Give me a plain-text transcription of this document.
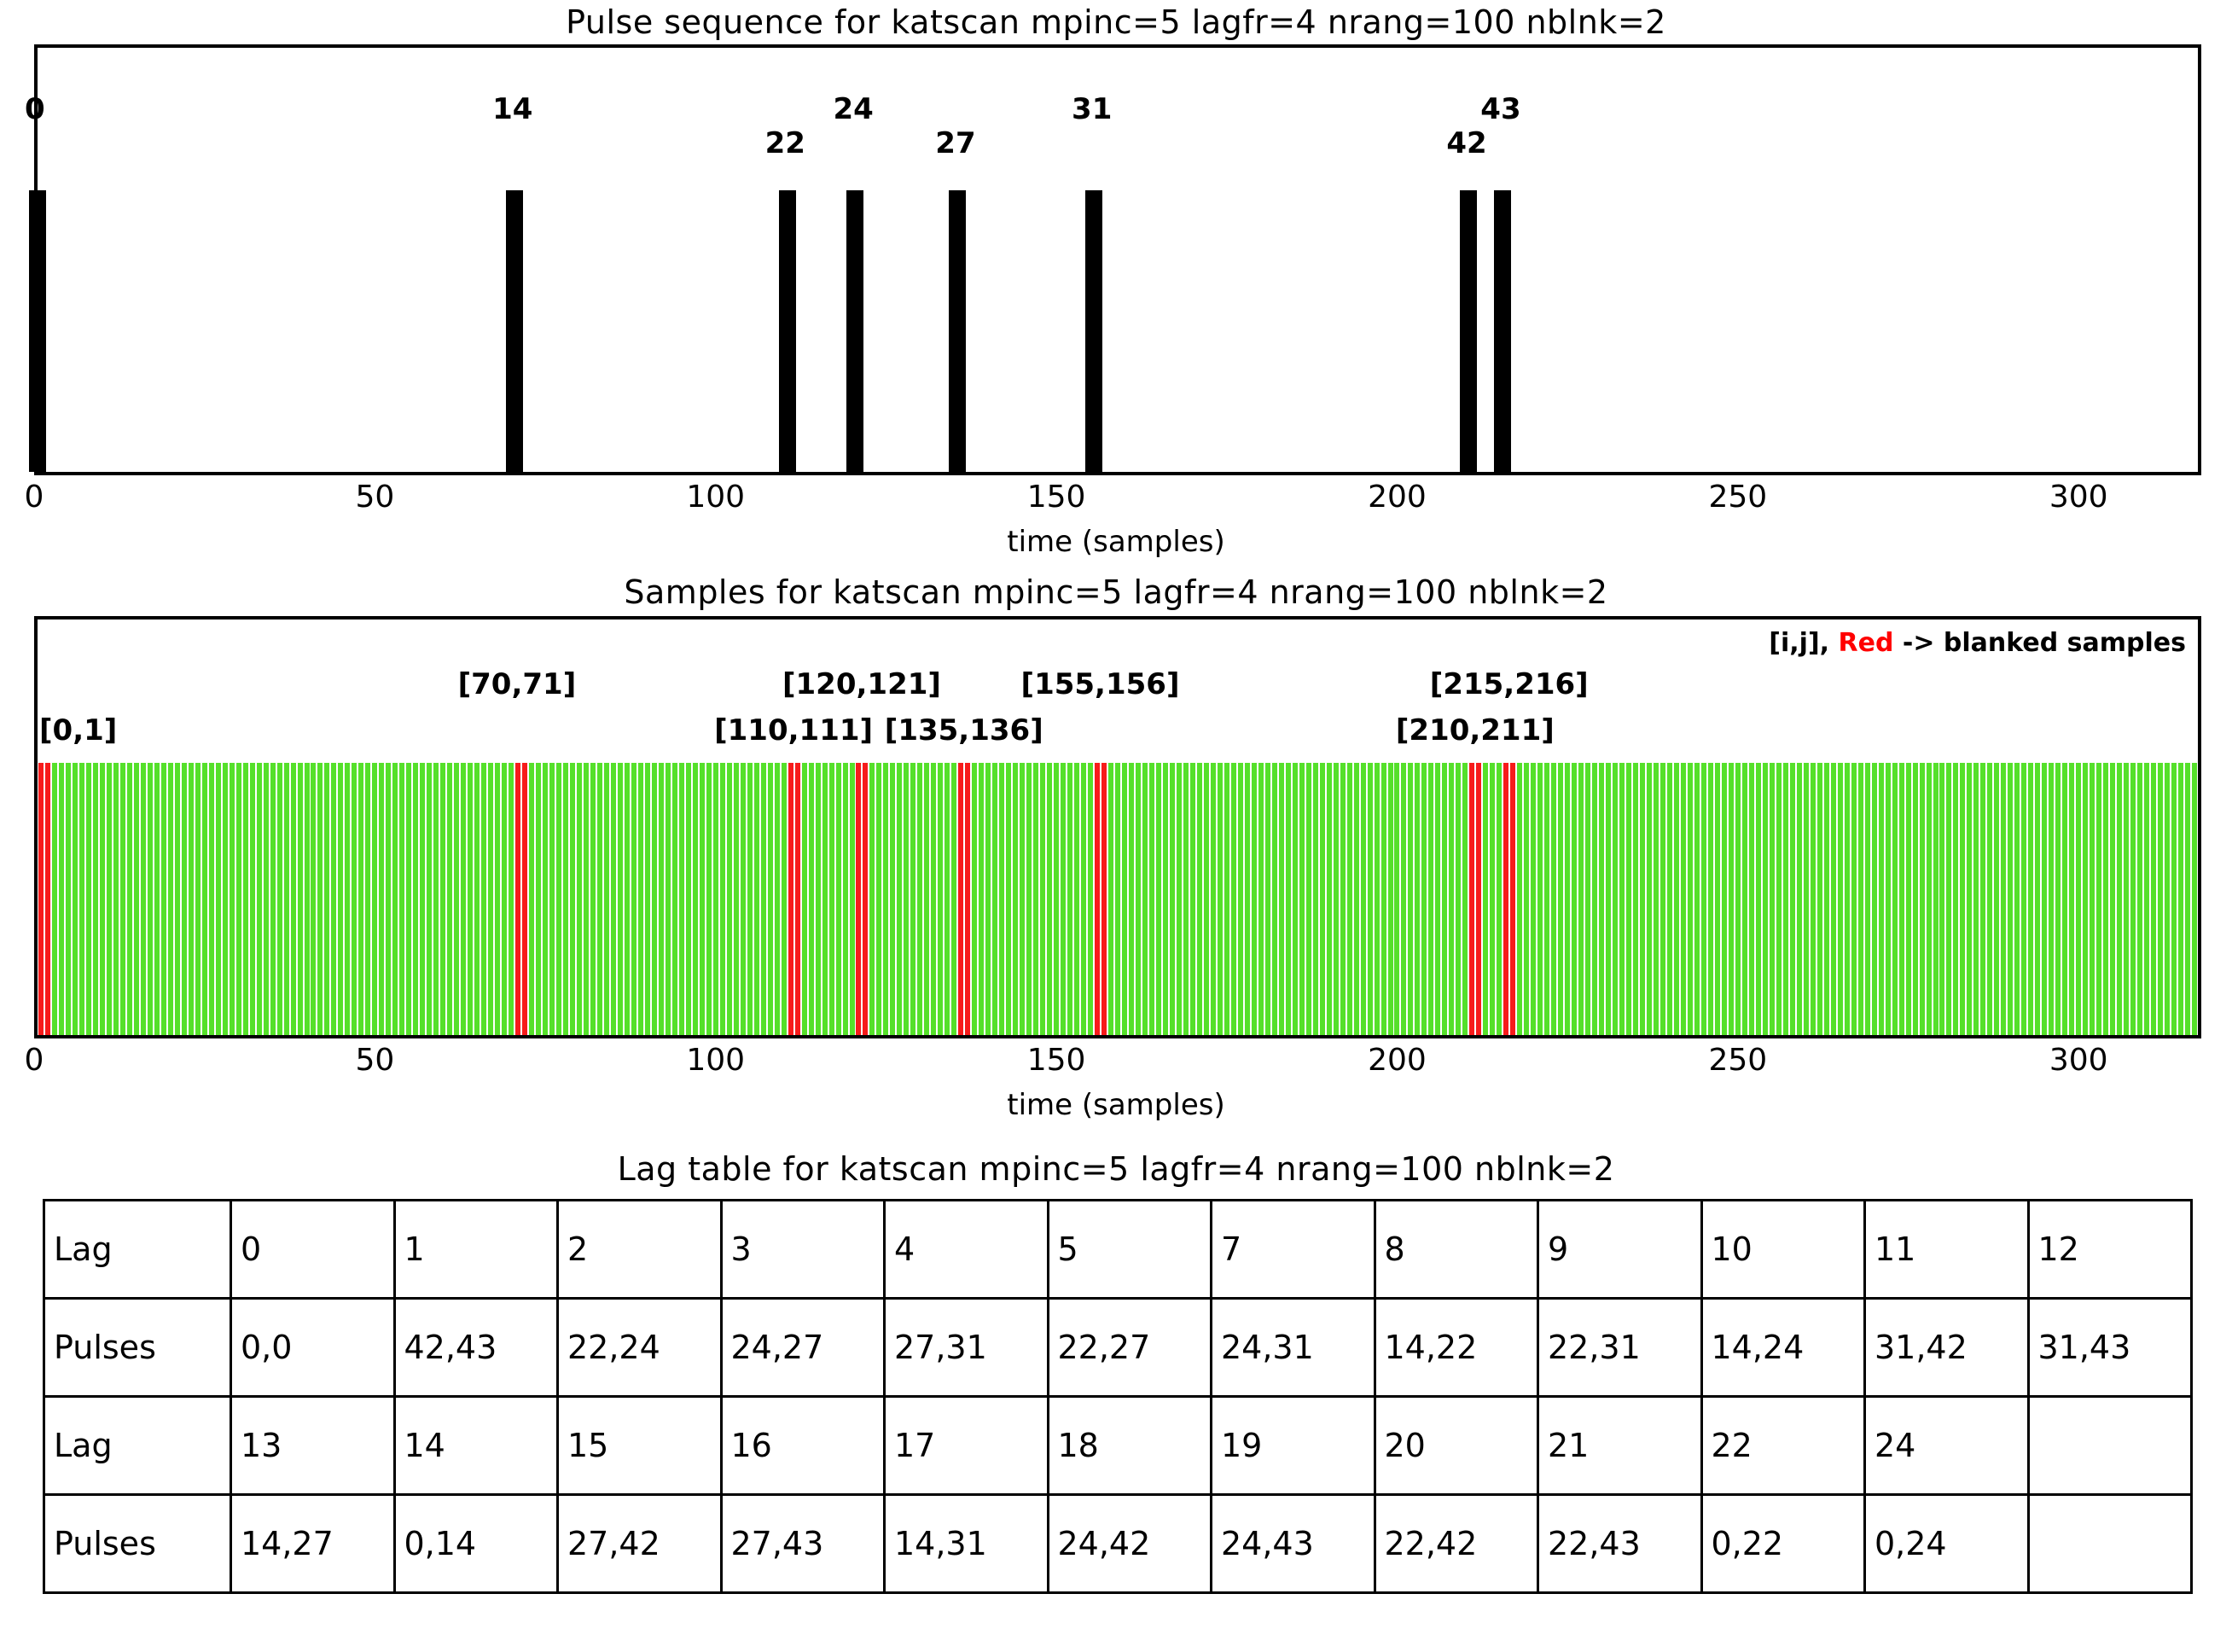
Pulse sequence for katscan mpinc=5 lagfr=4 nrang=100 nblnk=2
0	14
22
24
27
31
42
43
0	50	100	150	200	250	300
time (samples)
Samples for katscan mpinc=5 lagfr=4 nrang=100 nblnk=2
[i,j], Red -> blanked samples
[0,1]
[70,71]
[110,111]
[120,121]
[135,136]
[155,156]
[210,211]
[215,216]
0	50	100	150	200	250	300
time (samples)
Lag table for katscan mpinc=5 lagfr=4 nrang=100 nblnk=2
Lag	0	1	2	3	4	5	7	8	9	10	11	12
Pulses	0,0	42,43	22,24	24,27	27,31	22,27	24,31	14,22	22,31	14,24	31,42	31,43
Lag	13	14	15	16	17	18	19	20	21	22	24	
Pulses	14,27	0,14	27,42	27,43	14,31	24,42	24,43	22,42	22,43	0,22	0,24	
